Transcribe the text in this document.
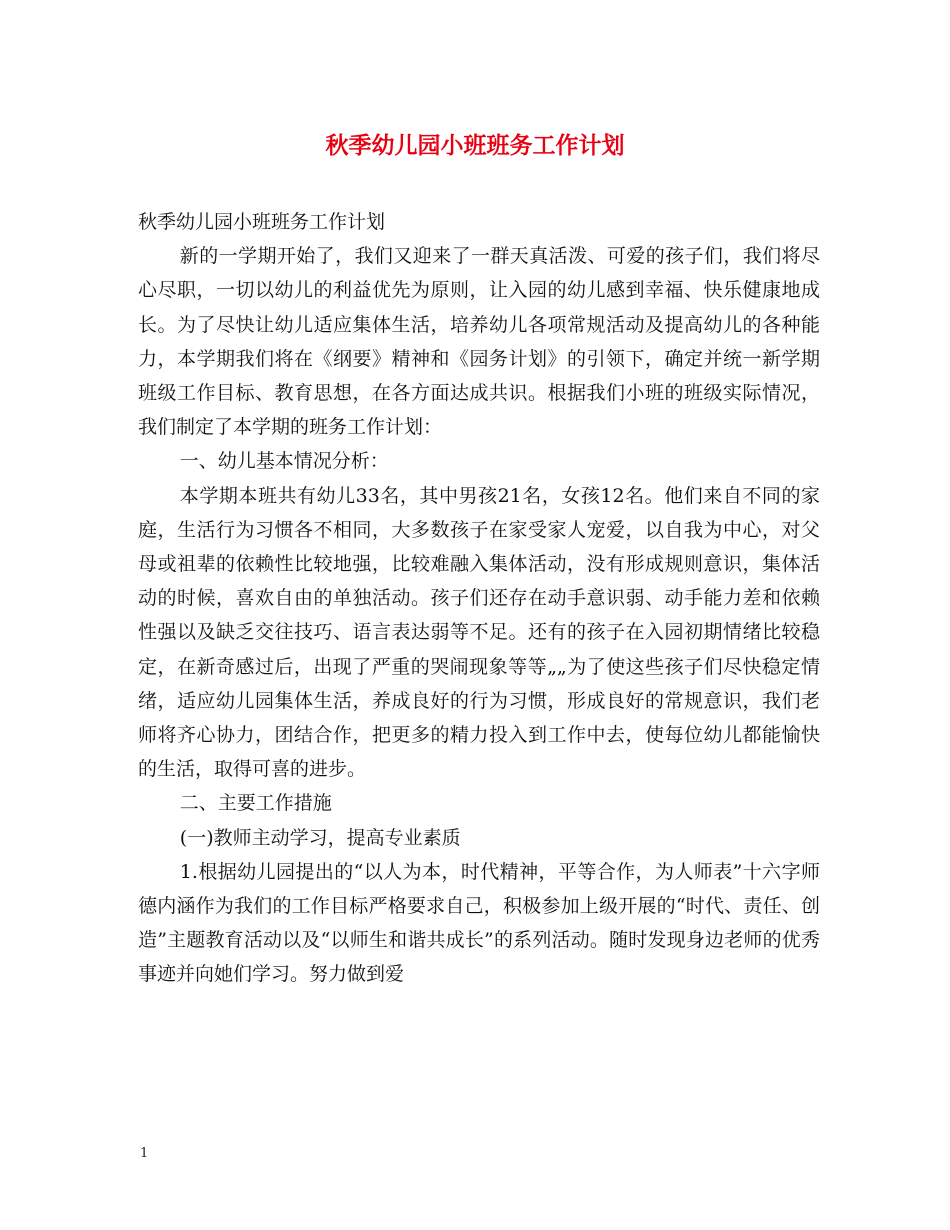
秋季幼儿园小班班务工作计划

秋季幼儿园小班班务工作计划

新的一学期开始了，我们又迎来了一群天真活泼、可爱的孩子们，我们将尽心尽职，一切以幼儿的利益优先为原则，让入园的幼儿感到幸福、快乐健康地成长。为了尽快让幼儿适应集体生活，培养幼儿各项常规活动及提高幼儿的各种能力，本学期我们将在《纲要》精神和《园务计划》的引领下，确定并统一新学期班级工作目标、教育思想，在各方面达成共识。根据我们小班的班级实际情况，我们制定了本学期的班务工作计划：

一、幼儿基本情况分析：

本学期本班共有幼儿33名，其中男孩21名，女孩12名。他们来自不同的家庭，生活行为习惯各不相同，大多数孩子在家受家人宠爱，以自我为中心，对父母或祖辈的依赖性比较地强，比较难融入集体活动，没有形成规则意识，集体活动的时候，喜欢自由的单独活动。孩子们还存在动手意识弱、动手能力差和依赖性强以及缺乏交往技巧、语言表达弱等不足。还有的孩子在入园初期情绪比较稳定，在新奇感过后，出现了严重的哭闹现象等等„„为了使这些孩子们尽快稳定情绪，适应幼儿园集体生活，养成良好的行为习惯，形成良好的常规意识，我们老师将齐心协力，团结合作，把更多的精力投入到工作中去，使每位幼儿都能愉快的生活，取得可喜的进步。

二、主要工作措施

(一)教师主动学习，提高专业素质

1.根据幼儿园提出的“以人为本，时代精神，平等合作，为人师表”十六字师德内涵作为我们的工作目标严格要求自己，积极参加上级开展的“时代、责任、创造”主题教育活动以及“以师生和谐共成长”的系列活动。随时发现身边老师的优秀事迹并向她们学习。努力做到爱

1
